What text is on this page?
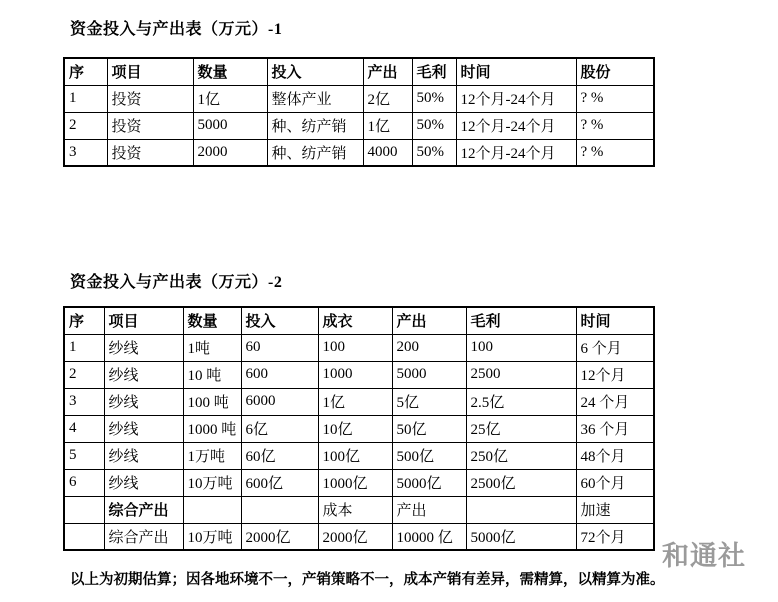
资金投入与产出表（万元）-1
序	项目	数量	投入	产出	毛利	时间	股份
1	投资	1亿	整体产业	2亿	50%	12个月-24个月	? %
2	投资	5000	种、纺产销	1亿	50%	12个月-24个月	? %
3	投资	2000	种、纺产销	4000	50%	12个月-24个月	? %
资金投入与产出表（万元）-2
序	项目	数量	投入	成衣	产出	毛利	时间
1	纱线	1吨	60	100	200	100	6 个月
2	纱线	10 吨	600	1000	5000	2500	12个月
3	纱线	100 吨	6000	1亿	5亿	2.5亿	24 个月
4	纱线	1000 吨	6亿	10亿	50亿	25亿	36 个月
5	纱线	1万吨	60亿	100亿	500亿	250亿	48个月
6	纱线	10万吨	600亿	1000亿	5000亿	2500亿	60个月
	综合产出			成本	产出		加速
	综合产出	10万吨	2000亿	2000亿	10000 亿	5000亿	72个月
以上为初期估算；因各地环境不一，产销策略不一，成本产销有差异，需精算，以精算为准。
和通社
